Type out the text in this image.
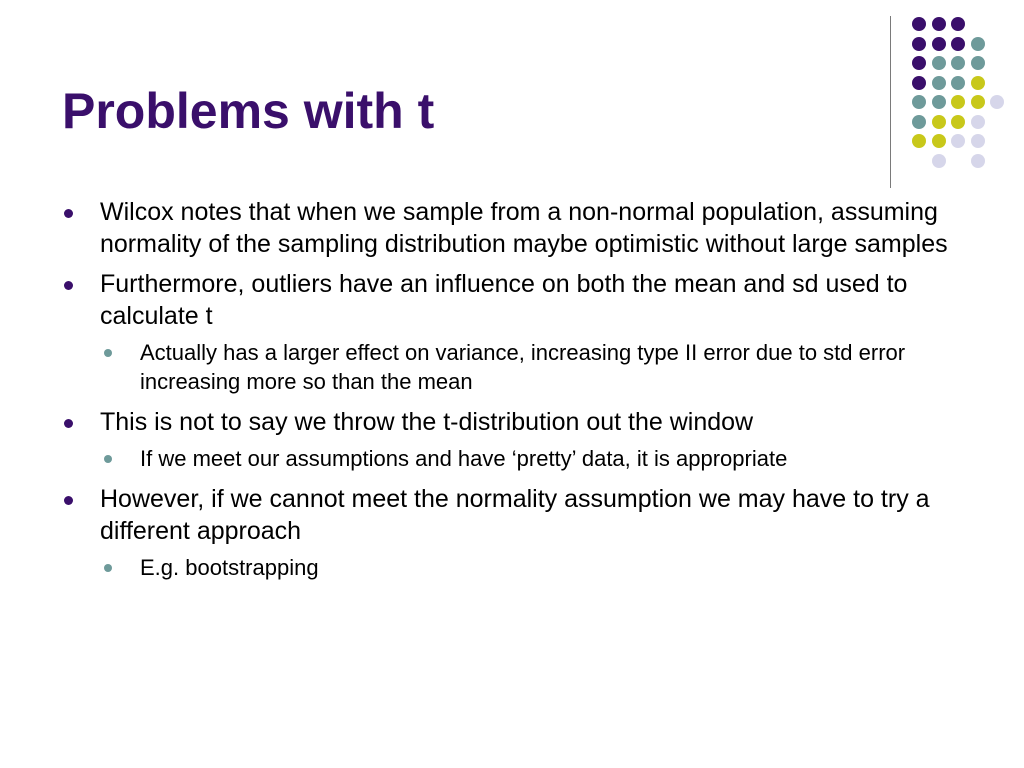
Problems with t
Wilcox notes that when we sample from a non-normal population, assuming normality of the sampling distribution maybe optimistic without large samples
Furthermore, outliers have an influence on both the mean and sd used to calculate t
Actually has a larger effect on variance, increasing type II error due to std error increasing more so than the mean
This is not to say we throw the t-distribution out the window
If we meet our assumptions and have ‘pretty’ data, it is appropriate
However, if we cannot meet the normality assumption we may have to try a different approach
E.g. bootstrapping
